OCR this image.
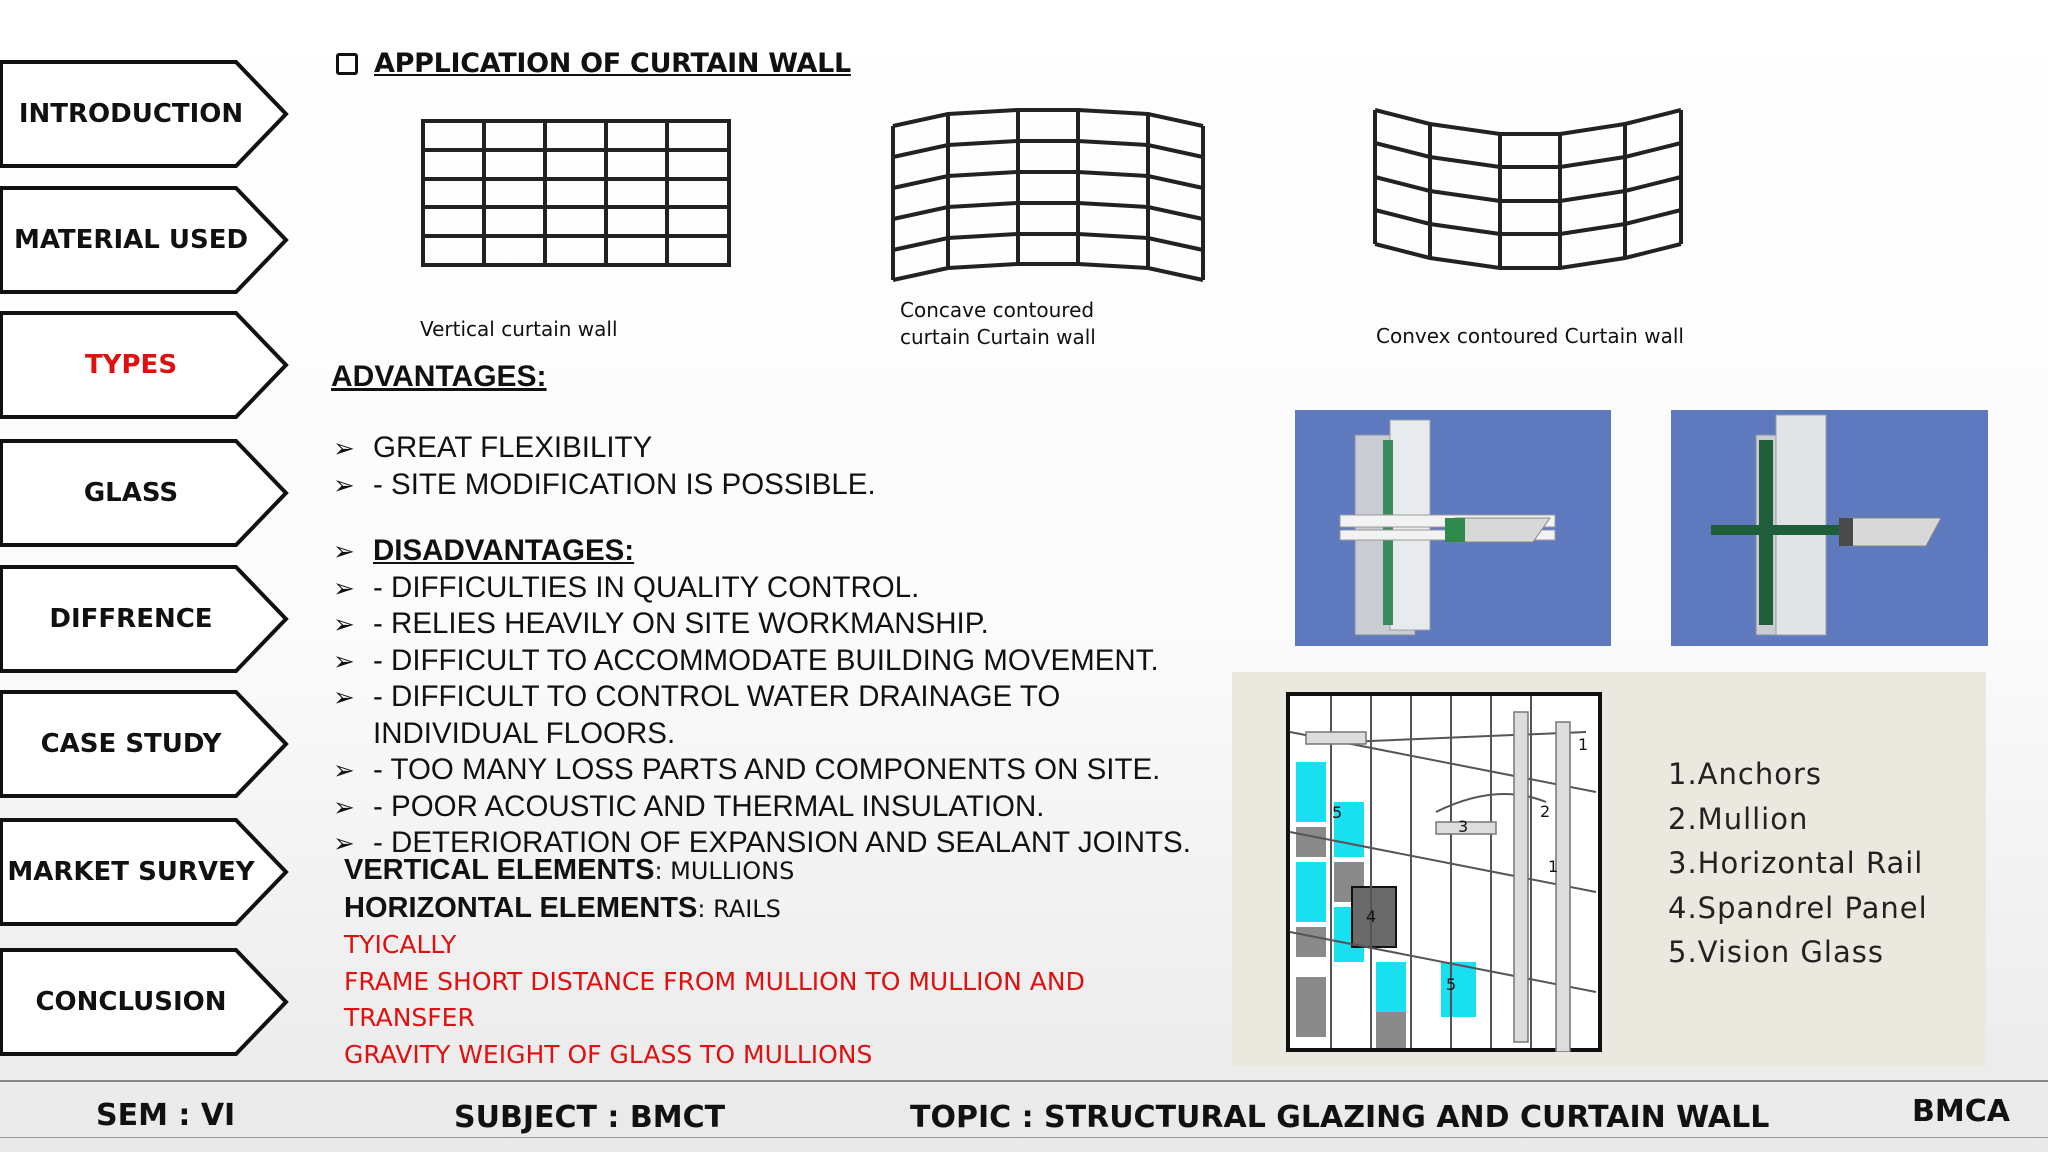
INTRODUCTION
MATERIAL USED
TYPES
GLASS
DIFFRENCE
CASE STUDY
MARKET SURVEY
CONCLUSION
APPLICATION OF CURTAIN WALL
Vertical curtain wall
Concave contoured
curtain Curtain wall	Convex contoured Curtain wall
ADVANTAGES:
➢ GREAT FLEXIBILITY
➢ - SITE MODIFICATION IS POSSIBLE.
➢ DISADVANTAGES:
➢ - DIFFICULTIES IN QUALITY CONTROL.
➢ - RELIES HEAVILY ON SITE WORKMANSHIP.
➢ - DIFFICULT TO ACCOMMODATE BUILDING MOVEMENT.
➢ - DIFFICULT TO CONTROL WATER DRAINAGE TO
INDIVIDUAL FLOORS.
➢ - TOO MANY LOSS PARTS AND COMPONENTS ON SITE.
➢ - POOR ACOUSTIC AND THERMAL INSULATION.
➢ - DETERIORATION OF EXPANSION AND SEALANT JOINTS.
VERTICAL ELEMENTS: MULLIONS
HORIZONTAL ELEMENTS: RAILS
TYICALLY
FRAME SHORT DISTANCE FROM MULLION TO MULLION AND
TRANSFER
GRAVITY WEIGHT OF GLASS TO MULLIONS
1
2
3
1
4
5
5
1.Anchors
2.Mullion
3.Horizontal Rail
4.Spandrel Panel
5.Vision Glass
SEM : VI	SUBJECT : BMCT	TOPIC : STRUCTURAL GLAZING AND CURTAIN WALL	BMCA
